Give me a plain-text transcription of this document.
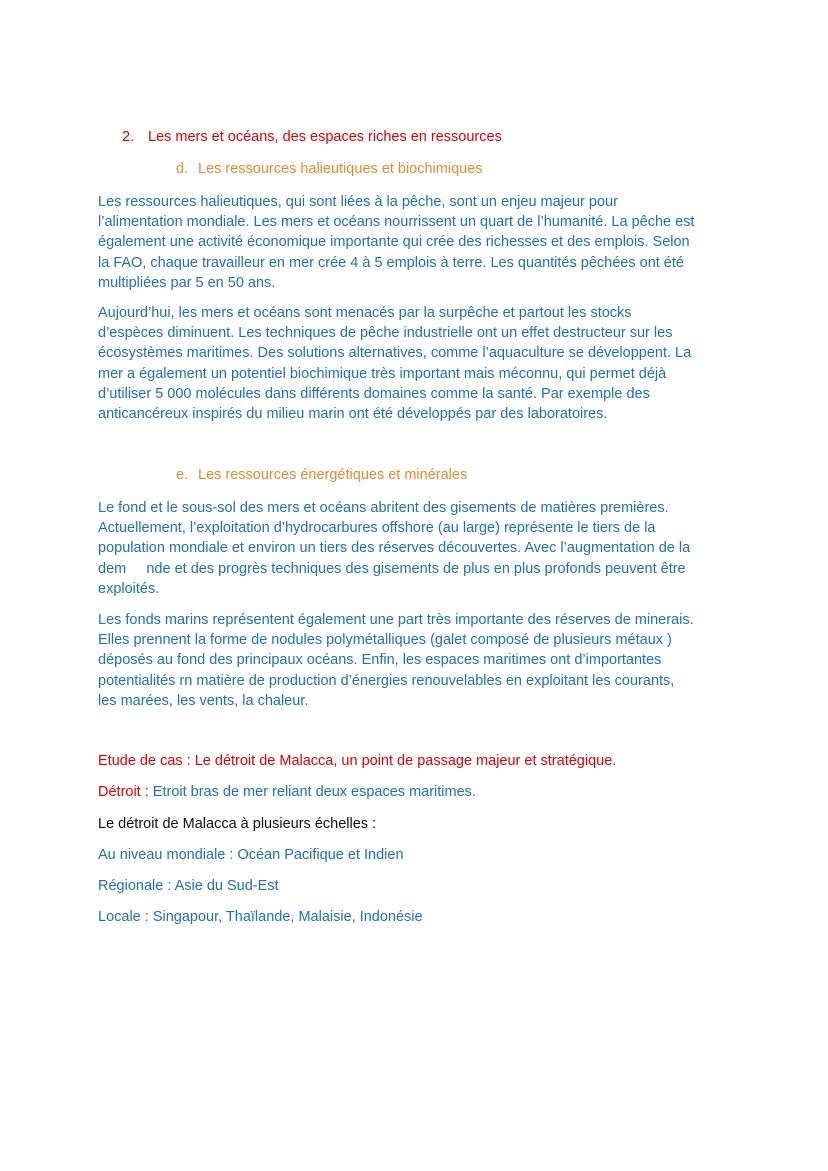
2. Les mers et océans, des espaces riches en ressources
d. Les ressources halieutiques et biochimiques
Les ressources halieutiques, qui sont liées à la pêche, sont un enjeu majeur pour
l’alimentation mondiale. Les mers et océans nourrissent un quart de l’humanité. La pêche est
également une activité économique importante qui crée des richesses et des emplois. Selon
la FAO, chaque travailleur en mer crée 4 à 5 emplois à terre. Les quantités pêchées ont été
multipliées par 5 en 50 ans.
Aujourd’hui, les mers et océans sont menacés par la surpêche et partout les stocks
d’espèces diminuent. Les techniques de pêche industrielle ont un effet destructeur sur les
écosystèmes maritimes. Des solutions alternatives, comme l’aquaculture se développent. La
mer a également un potentiel biochimique très important mais méconnu, qui permet déjà
d’utiliser 5 000 molécules dans différents domaines comme la santé. Par exemple des
anticancéreux inspirés du milieu marin ont été développés par des laboratoires.
e. Les ressources énergétiques et minérales
Le fond et le sous-sol des mers et océans abritent des gisements de matières premières.
Actuellement, l’exploitation d’hydrocarbures offshore (au large) représente le tiers de la
population mondiale et environ un tiers des réserves découvertes. Avec l’augmentation de la
dem     nde et des progrès techniques des gisements de plus en plus profonds peuvent être
exploités.
Les fonds marins représentent également une part très importante des réserves de minerais.
Elles prennent la forme de nodules polymétalliques (galet composé de plusieurs métaux )
déposés au fond des principaux océans. Enfin, les espaces maritimes ont d’importantes
potentialités rn matière de production d’énergies renouvelables en exploitant les courants,
les marées, les vents, la chaleur.
Etude de cas : Le détroit de Malacca, un point de passage majeur et stratégique.
Détroit : Etroit bras de mer reliant deux espaces maritimes.
Le détroit de Malacca à plusieurs échelles :
Au niveau mondiale : Océan Pacifique et Indien
Régionale : Asie du Sud-Est
Locale : Singapour, Thaïlande, Malaisie, Indonésie
